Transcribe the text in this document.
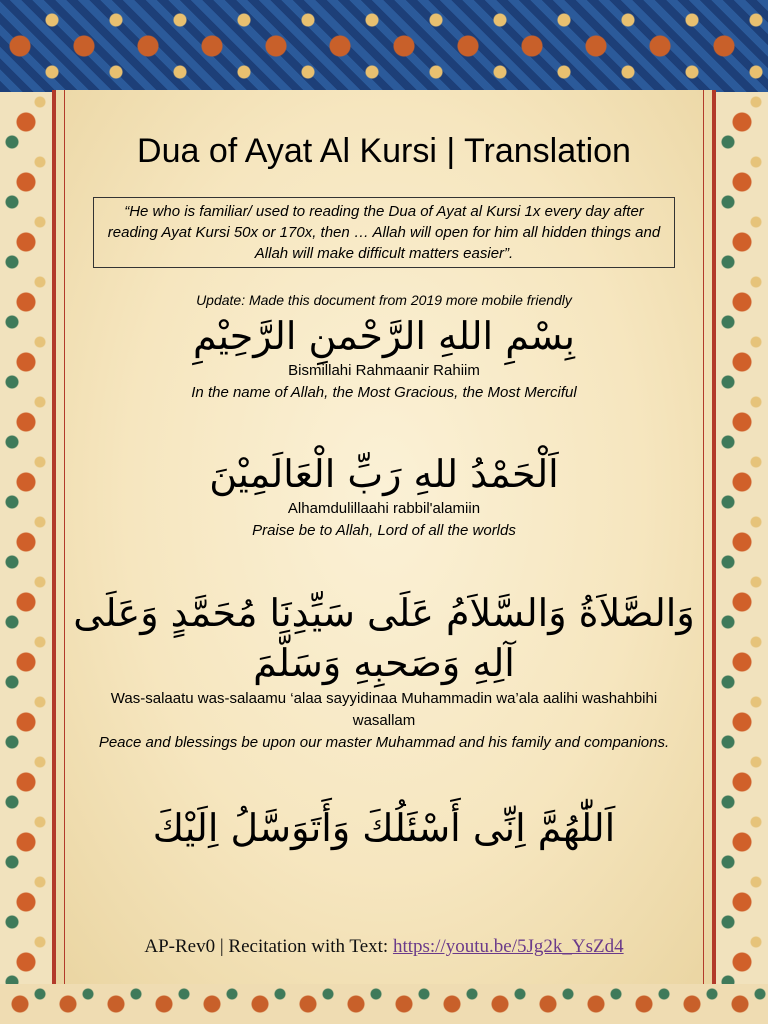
Dua of Ayat Al Kursi | Translation
“He who is familiar/ used to reading the Dua of Ayat al Kursi 1x every day after reading Ayat Kursi 50x or 170x, then … Allah will open for him all hidden things and Allah will make difficult matters easier”.
Update: Made this document from 2019 more mobile friendly
بِسْمِ اللهِ الرَّحْمنِ الرَّحِيْمِ
Bismillahi Rahmaanir Rahiim
In the name of Allah, the Most Gracious, the Most Merciful
اَلْحَمْدُ للهِ رَبِّ الْعَالَمِيْنَ
Alhamdulillaahi rabbil'alamiin
Praise be to Allah, Lord of all the worlds
وَالصَّلاَةُ وَالسَّلاَمُ عَلَى سَيِّدِنَا مُحَمَّدٍ وَعَلَى آلِهِ وَصَحبِهِ وَسَلَّمَ
Was-salaatu was-salaamu ‘alaa sayyidinaa Muhammadin wa’ala aalihi washahbihi wasallam
Peace and blessings be upon our master Muhammad and his family and companions.
اَللّٰهُمَّ اِنِّى أَسْئَلُكَ وَأَتَوَسَّلُ اِلَيْكَ
AP-Rev0 | Recitation with Text: https://youtu.be/5Jg2k_YsZd4
